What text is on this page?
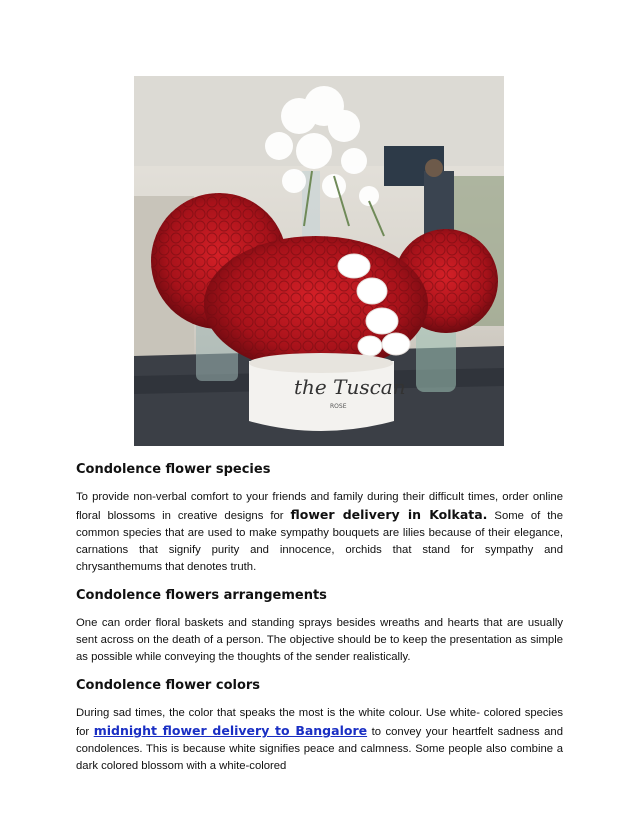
the Tuscan
ROSE
Condolence flower species

To provide non-verbal comfort to your friends and family during their difficult times, order online floral blossoms in creative designs for flower delivery in Kolkata. Some of the common species that are used to make sympathy bouquets are lilies because of their elegance, carnations that signify purity and innocence, orchids that stand for sympathy and chrysanthemums that denotes truth.

Condolence flowers arrangements

One can order floral baskets and standing sprays besides wreaths and hearts that are usually sent across on the death of a person. The objective should be to keep the presentation as simple as possible while conveying the thoughts of the sender realistically.

Condolence flower colors

During sad times, the color that speaks the most is the white colour. Use white- colored species for midnight flower delivery to Bangalore to convey your heartfelt sadness and condolences. This is because white signifies peace and calmness. Some people also combine a dark colored blossom with a white-colored
